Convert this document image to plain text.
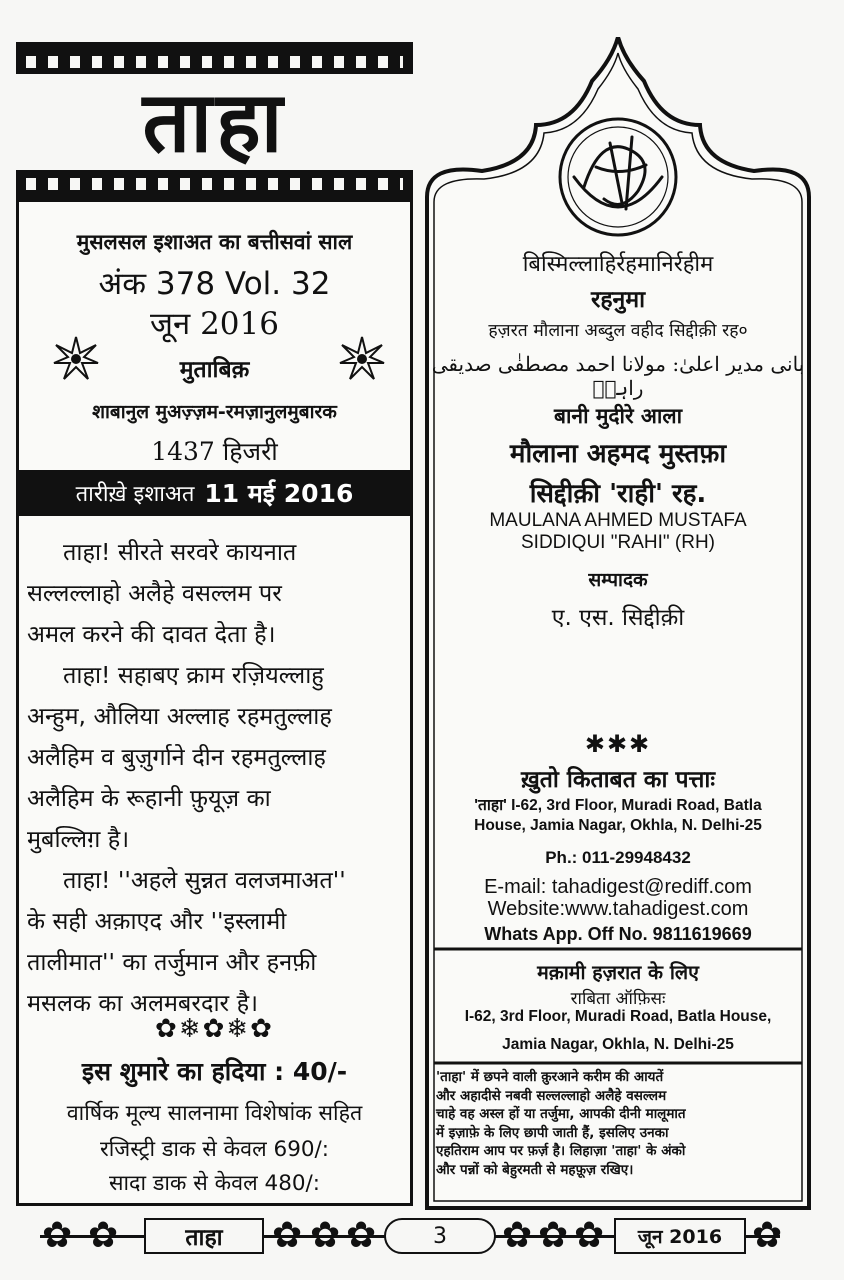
ताहा
मुसलसल इशाअत का बत्तीसवां साल
अंक 378 Vol. 32
जून 2016
मुताबिक़
शाबानुल मुअज़्ज़म-रमज़ानुलमुबारक
1437 हिजरी
तारीख़े इशाअत 11 मई 2016

ताहा! सीरते सरवरे कायनात
सल्लल्लाहो अलैहे वसल्लम पर
अमल करने की दावत देता है।

ताहा! सहाबए क्राम रज़ियल्लाहु
अन्हुम, औलिया अल्लाह रहमतुल्लाह
अलैहिम व बुज़ुर्गाने दीन रहमतुल्लाह
अलैहिम के रूहानी फ़ुयूज़ का
मुबल्लिग़ है।

ताहा! ''अहले सुन्नत वलजमाअत''
के सही अक़ाएद और ''इस्लामी
तालीमात'' का तर्जुमान और हनफ़ी
मसलक का अलमबरदार है।

✿❄✿❄✿
इस शुमारे का हदिया : 40/-
वार्षिक मूल्य सालनामा विशेषांक सहित
रजिस्ट्री डाक से केवल 690/:
सादा डाक से केवल 480/:
बिस्मिल्लाहिर्रहमानिर्रहीम
रहनुमा
हज़रत मौलाना अब्दुल वहीद सिद्दीक़ी रह०
بانی مدیر اعلیٰ: مولانا احمد مصطفٰی صدیقی راہیؔ
बानी मुदीरे आला
मौलाना अहमद मुस्तफ़ा
सिद्दीक़ी 'राही' रह.
MAULANA AHMED MUSTAFA
SIDDIQUI "RAHI" (RH)
सम्पादक
ए. एस. सिद्दीक़ी
✱✱✱
ख़ुतो किताबत का पत्ताः
'ताहा' I-62, 3rd Floor, Muradi Road, Batla
House, Jamia Nagar, Okhla, N. Delhi-25
Ph.: 011-29948432
E-mail: tahadigest@rediff.com
Website:www.tahadigest.com
Whats App. Off No. 9811619669
मक़ामी हज़रात के लिए
राबिता ऑफ़िसः
I-62, 3rd Floor, Muradi Road, Batla House,
Jamia Nagar, Okhla, N. Delhi-25
'ताहा' में छपने वाली क़ुरआने करीम की आयतें
और अहादीसे नबवी सल्लल्लाहो अलैहे वसल्लम
चाहे वह अस्ल हों या तर्जुमा, आपकी दीनी मालूमात
में इज़ाफ़े के लिए छापी जाती हैं, इसलिए उनका
एहतिराम आप पर फ़र्ज़ है। लिहाज़ा 'ताहा' के अंको
और पन्नों को बेहुरमती से महफ़ूज़ रखिए।
✿ ✿	ताहा	✿ ✿ ✿	3	✿ ✿ ✿	जून 2016 ✿
